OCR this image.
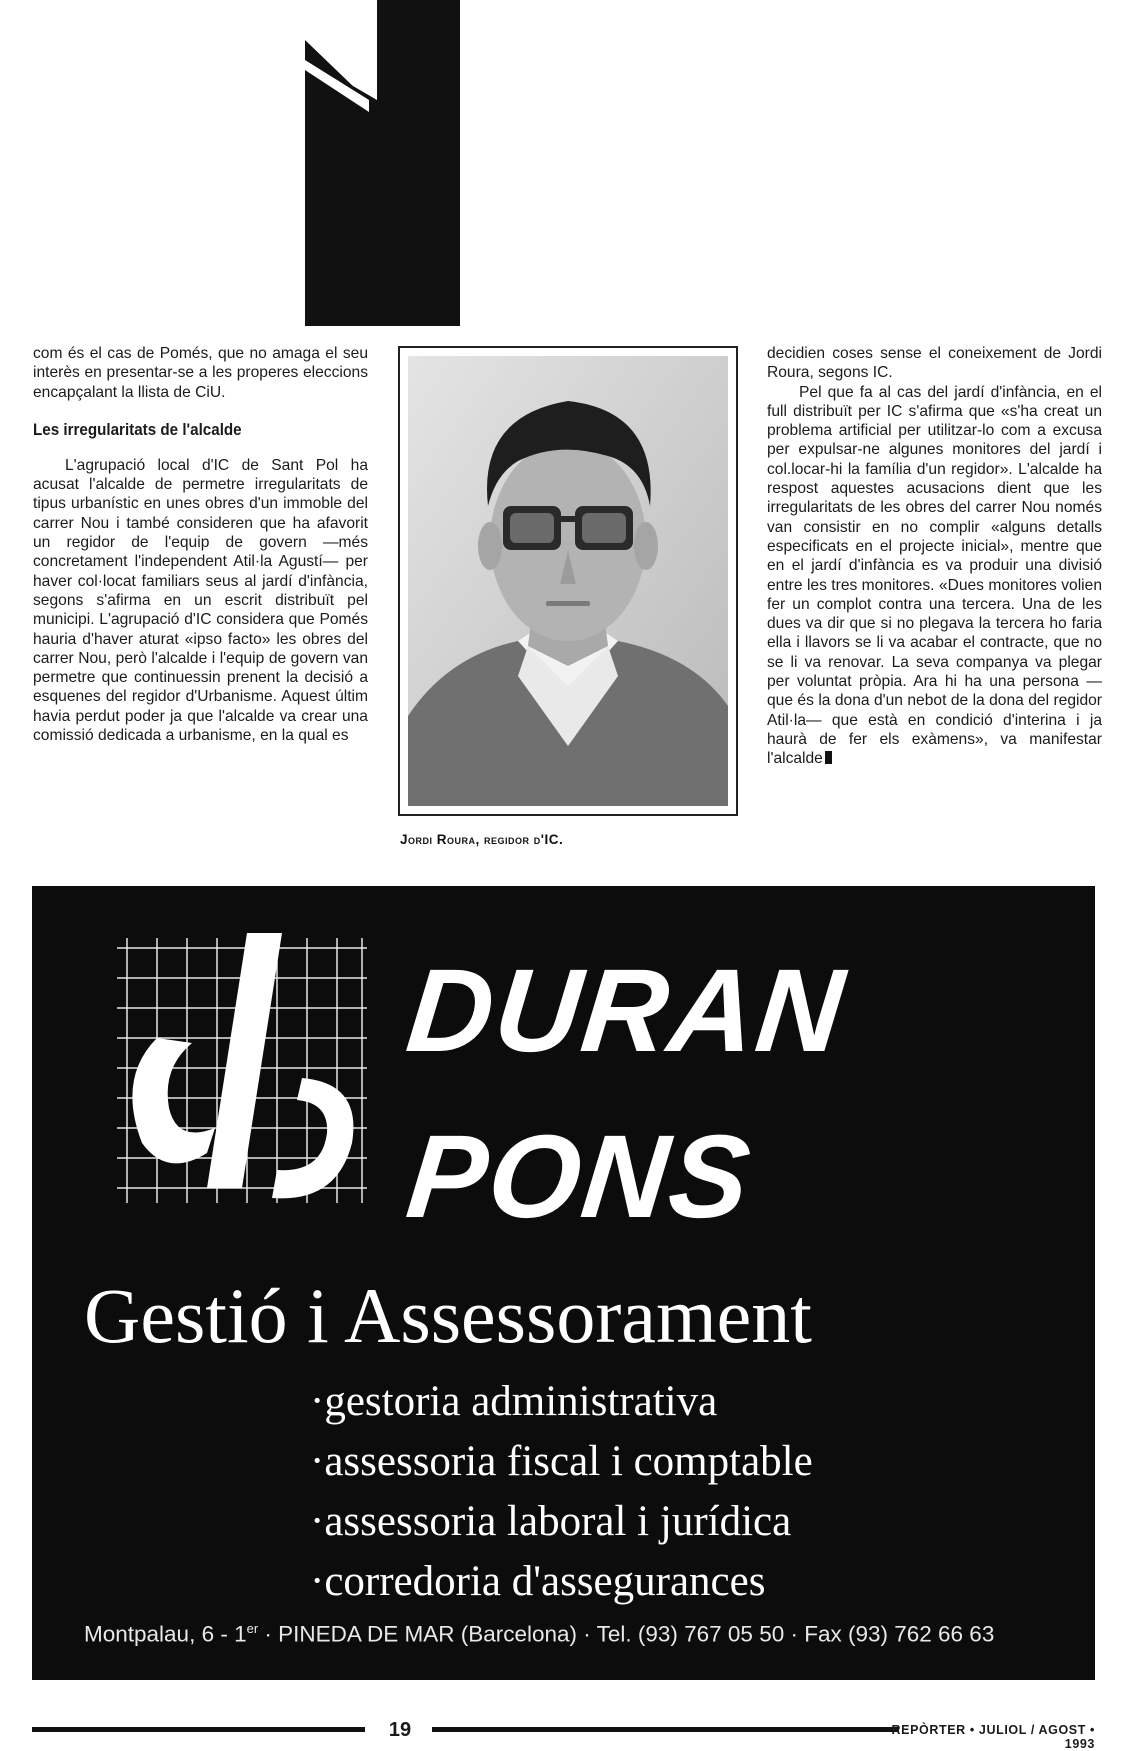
com és el cas de Pomés, que no amaga el seu interès en presentar-se a les properes eleccions encapçalant la llista de CiU.

Les irregularitats de l'alcalde

L'agrupació local d'IC de Sant Pol ha acusat l'alcalde de permetre irregularitats de tipus urbanístic en unes obres d'un immoble del carrer Nou i també consideren que ha afavorit un regidor de l'equip de govern —més concretament l'independent Atil·la Agustí— per haver col·locat familiars seus al jardí d'infància, segons s'afirma en un escrit distribuït pel municipi. L'agrupació d'IC considera que Pomés hauria d'haver aturat «ipso facto» les obres del carrer Nou, però l'alcalde i l'equip de govern van permetre que continuessin prenent la decisió a esquenes del regidor d'Urbanisme. Aquest últim havia perdut poder ja que l'alcalde va crear una comissió dedicada a urbanisme, en la qual es

Jordi Roura, regidor d'IC.

decidien coses sense el coneixement de Jordi Roura, segons IC.

Pel que fa al cas del jardí d'infància, en el full distribuït per IC s'afirma que «s'ha creat un problema artificial per utilitzar-lo com a excusa per expulsar-ne algunes monitores del jardí i col.locar-hi la família d'un regidor». L'alcalde ha respost aquestes acusacions dient que les irregularitats de les obres del carrer Nou només van consistir en no complir «alguns detalls especificats en el projecte inicial», mentre que en el jardí d'infància es va produir una divisió entre les tres monitores. «Dues monitores volien fer un complot contra una tercera. Una de les dues va dir que si no plegava la tercera ho faria ella i llavors se li va acabar el contracte, que no se li va renovar. La seva companya va plegar per voluntat pròpia. Ara hi ha una persona —que és la dona d'un nebot de la dona del regidor Atil·la— que està en condició d'interina i ja haurà de fer els exàmens», va manifestar l'alcalde

DURAN
PONS
Gestió i Assessorament
· gestoria administrativa
· assessoria fiscal i comptable
· assessoria laboral i jurídica
· corredoria d'assegurances
Montpalau, 6 - 1er · PINEDA DE MAR (Barcelona) · Tel. (93) 767 05 50 · Fax (93) 762 66 63
19	REPÒRTER • JULIOL / AGOST • 1993
